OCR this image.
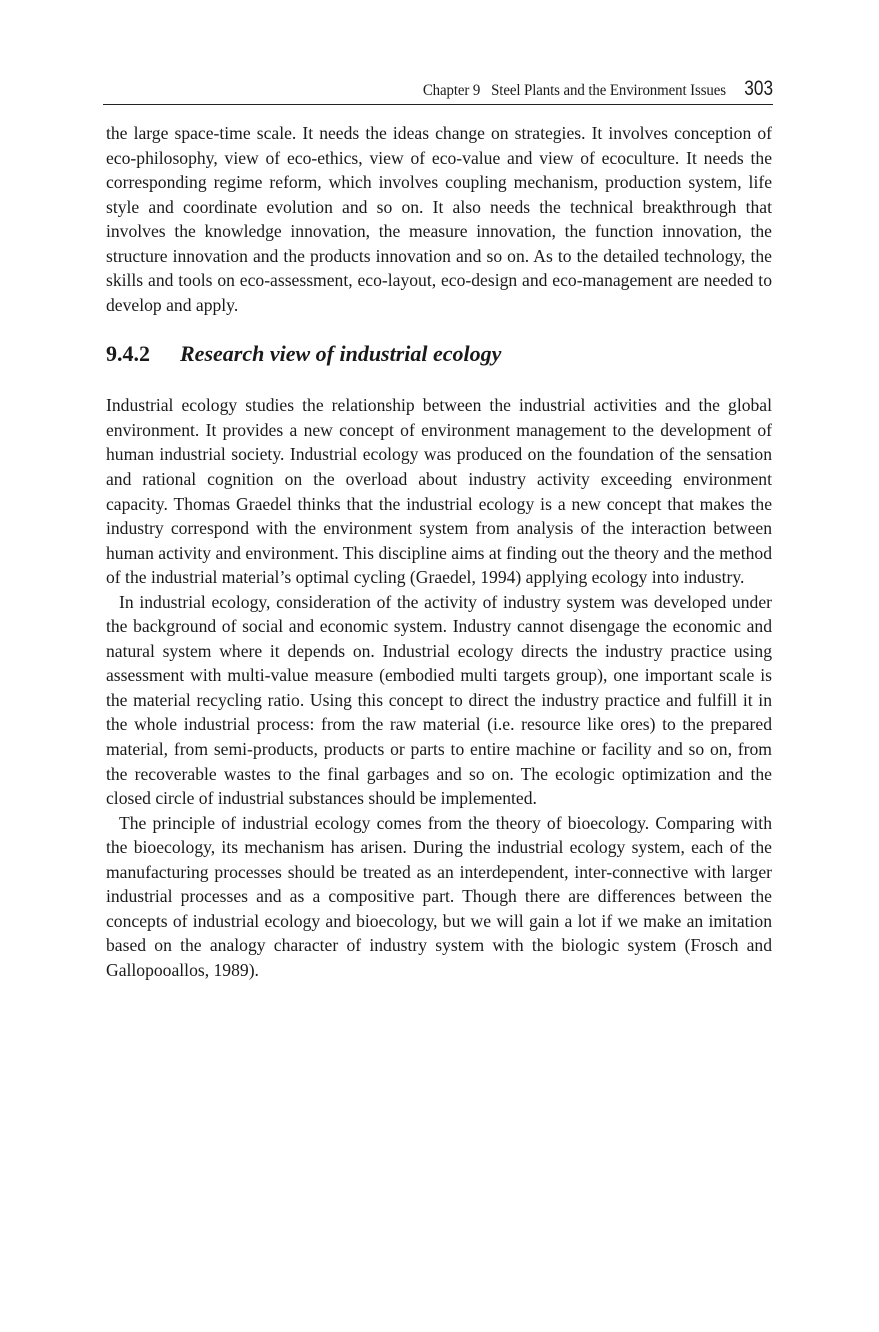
Chapter 9   Steel Plants and the Environment Issues 303

the large space-time scale. It needs the ideas change on strategies. It involves conception of eco-philosophy, view of eco-ethics, view of eco-value and view of ecoculture. It needs the corresponding regime reform, which involves coupling mechanism, production system, life style and coordinate evolution and so on. It also needs the technical breakthrough that involves the knowledge innovation, the measure innovation, the function innovation, the structure innovation and the products innovation and so on. As to the detailed technology, the skills and tools on eco-assessment, eco-layout, eco-design and eco-management are needed to develop and apply.

9.4.2 Research view of industrial ecology

Industrial ecology studies the relationship between the industrial activities and the global environment. It provides a new concept of environment management to the development of human industrial society. Industrial ecology was produced on the foundation of the sensation and rational cognition on the overload about industry activity exceeding environment capacity. Thomas Graedel thinks that the industrial ecology is a new concept that makes the industry correspond with the environment system from analysis of the interaction between human activity and environment. This discipline aims at finding out the theory and the method of the industrial material’s optimal cycling (Graedel, 1994) applying ecology into industry.

In industrial ecology, consideration of the activity of industry system was developed under the background of social and economic system. Industry cannot disengage the economic and natural system where it depends on. Industrial ecology directs the industry practice using assessment with multi-value measure (embodied multi targets group), one important scale is the material recycling ratio. Using this concept to direct the industry practice and fulfill it in the whole industrial process: from the raw material (i.e. resource like ores) to the prepared material, from semi-products, products or parts to entire machine or facility and so on, from the recoverable wastes to the final garbages and so on. The ecologic optimization and the closed circle of industrial substances should be implemented.

The principle of industrial ecology comes from the theory of bioecology. Comparing with the bioecology, its mechanism has arisen. During the industrial ecology system, each of the manufacturing processes should be treated as an interdependent, inter-connective with larger industrial processes and as a compositive part. Though there are differences between the concepts of industrial ecology and bioecology, but we will gain a lot if we make an imitation based on the analogy character of industry system with the biologic system (Frosch and Gallopooallos, 1989).
